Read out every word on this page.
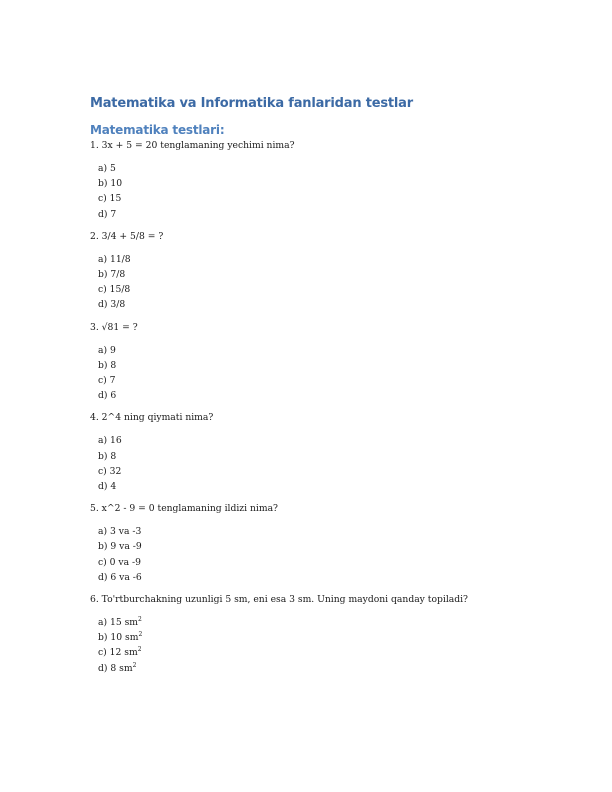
Matematika va Informatika fanlaridan testlar
Matematika testlari:

1. 3x + 5 = 20 tenglamaning yechimi nima?

a) 5
b) 10
c) 15
d) 7

2. 3/4 + 5/8 = ?

a) 11/8
b) 7/8
c) 15/8
d) 3/8

3. √81 = ?

a) 9
b) 8
c) 7
d) 6

4. 2^4 ning qiymati nima?

a) 16
b) 8
c) 32
d) 4

5. x^2 - 9 = 0 tenglamaning ildizi nima?

a) 3 va -3
b) 9 va -9
c) 0 va -9
d) 6 va -6

6. To'rtburchakning uzunligi 5 sm, eni esa 3 sm. Uning maydoni qanday topiladi?

a) 15 $sm^2$
b) 10 $sm^2$
c) 12 $sm^2$
d) 8 $sm^2$
